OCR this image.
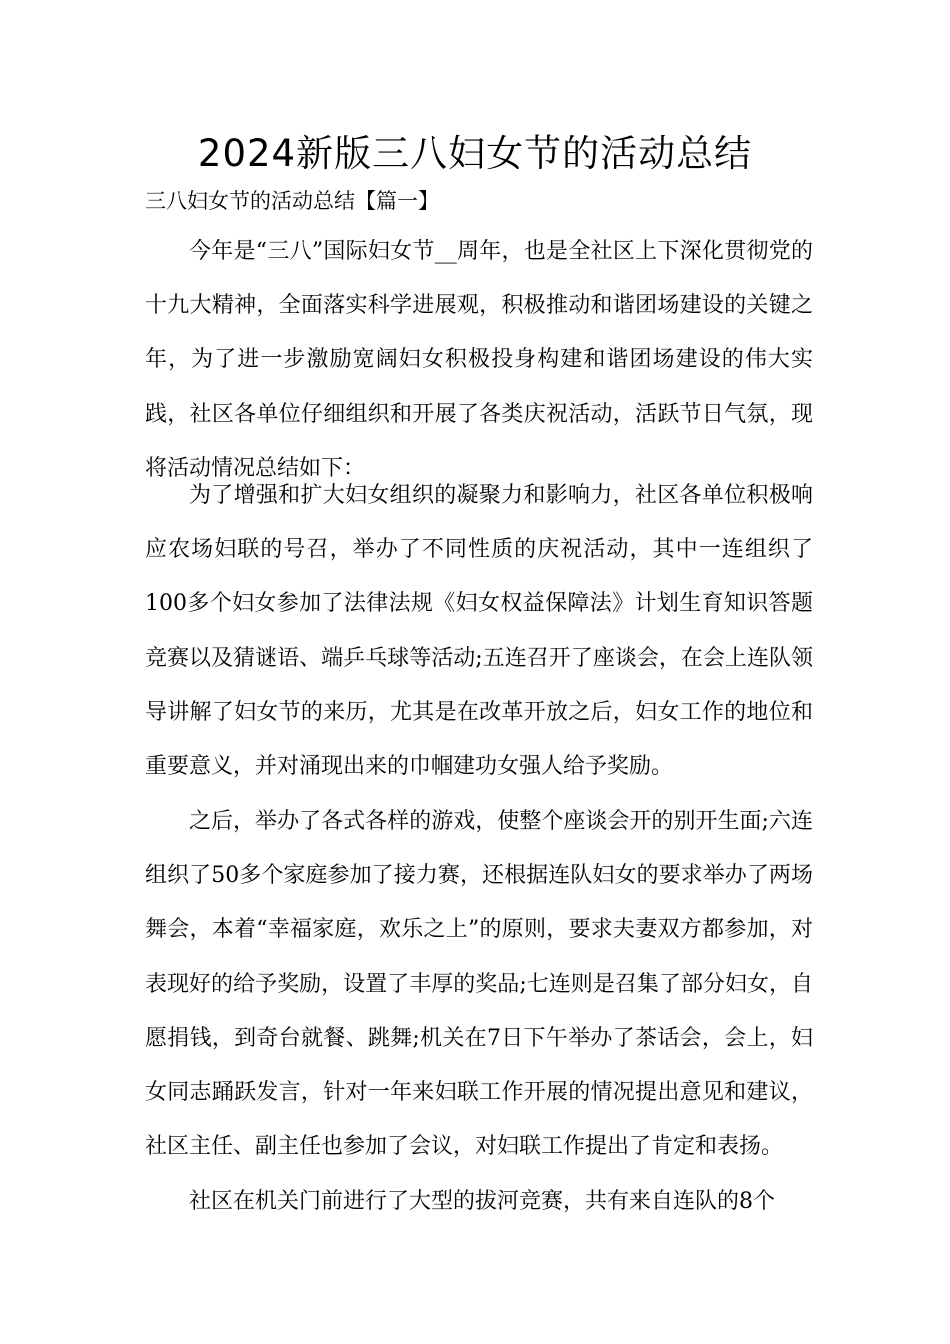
2024新版三八妇女节的活动总结
三八妇女节的活动总结【篇一】

今年是“三八”国际妇女节__周年，也是全社区上下深化贯彻党的十九大精神，全面落实科学进展观，积极推动和谐团场建设的关键之年，为了进一步激励宽阔妇女积极投身构建和谐团场建设的伟大实践，社区各单位仔细组织和开展了各类庆祝活动，活跃节日气氛，现将活动情况总结如下：

为了增强和扩大妇女组织的凝聚力和影响力，社区各单位积极响应农场妇联的号召，举办了不同性质的庆祝活动，其中一连组织了100多个妇女参加了法律法规《妇女权益保障法》计划生育知识答题竞赛以及猜谜语、端乒乓球等活动;五连召开了座谈会，在会上连队领导讲解了妇女节的来历，尤其是在改革开放之后，妇女工作的地位和重要意义，并对涌现出来的巾帼建功女强人给予奖励。

之后，举办了各式各样的游戏，使整个座谈会开的别开生面;六连组织了50多个家庭参加了接力赛，还根据连队妇女的要求举办了两场舞会，本着“幸福家庭，欢乐之上”的原则，要求夫妻双方都参加，对表现好的给予奖励，设置了丰厚的奖品;七连则是召集了部分妇女，自愿捐钱，到奇台就餐、跳舞;机关在7日下午举办了茶话会，会上，妇女同志踊跃发言，针对一年来妇联工作开展的情况提出意见和建议，社区主任、副主任也参加了会议，对妇联工作提出了肯定和表扬。

社区在机关门前进行了大型的拔河竞赛，共有来自连队的8个
